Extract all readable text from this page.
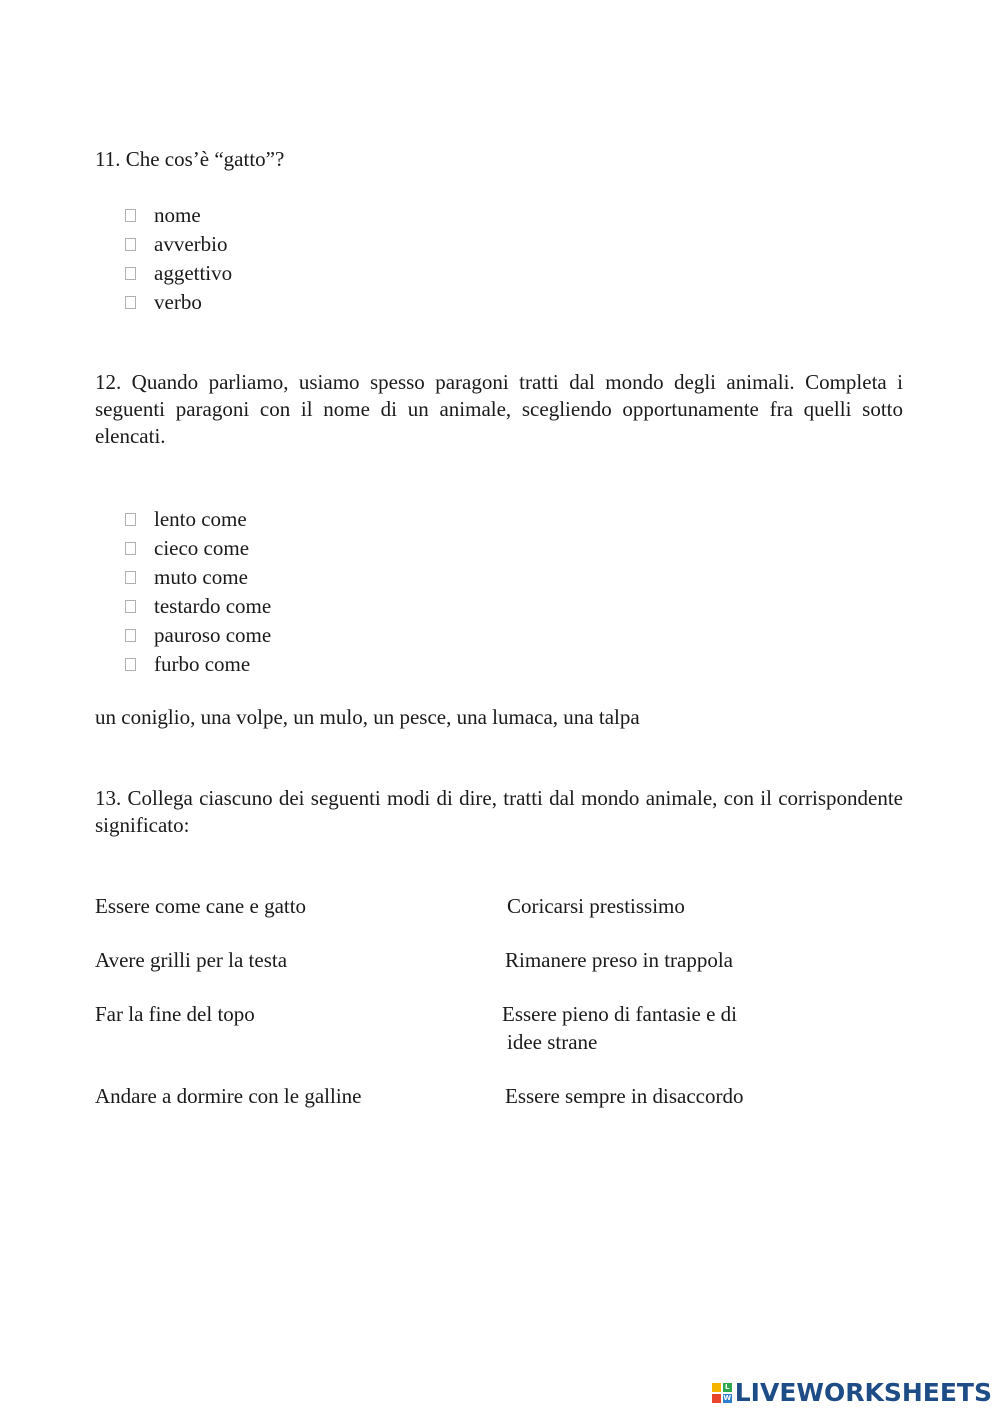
11. Che cos’è “gatto”?
nome
avverbio
aggettivo
verbo
12. Quando parliamo, usiamo spesso paragoni tratti dal mondo degli animali. Completa i seguenti paragoni con il nome di un animale, scegliendo opportunamente fra quelli sotto elencati.
lento come
cieco come
muto come
testardo come
pauroso come
furbo come
un coniglio, una volpe, un mulo, un pesce, una lumaca, una talpa
13. Collega ciascuno dei seguenti modi di dire, tratti dal mondo animale, con il corrispondente significato:
Essere come cane e gatto
Avere grilli per la testa
Far la fine del topo
Andare a dormire con le galline
Coricarsi prestissimo
Rimanere preso in trappola
Essere pieno di fantasie e di
idee strane
Essere sempre in disaccordo
L
W LIVEWORKSHEETS
